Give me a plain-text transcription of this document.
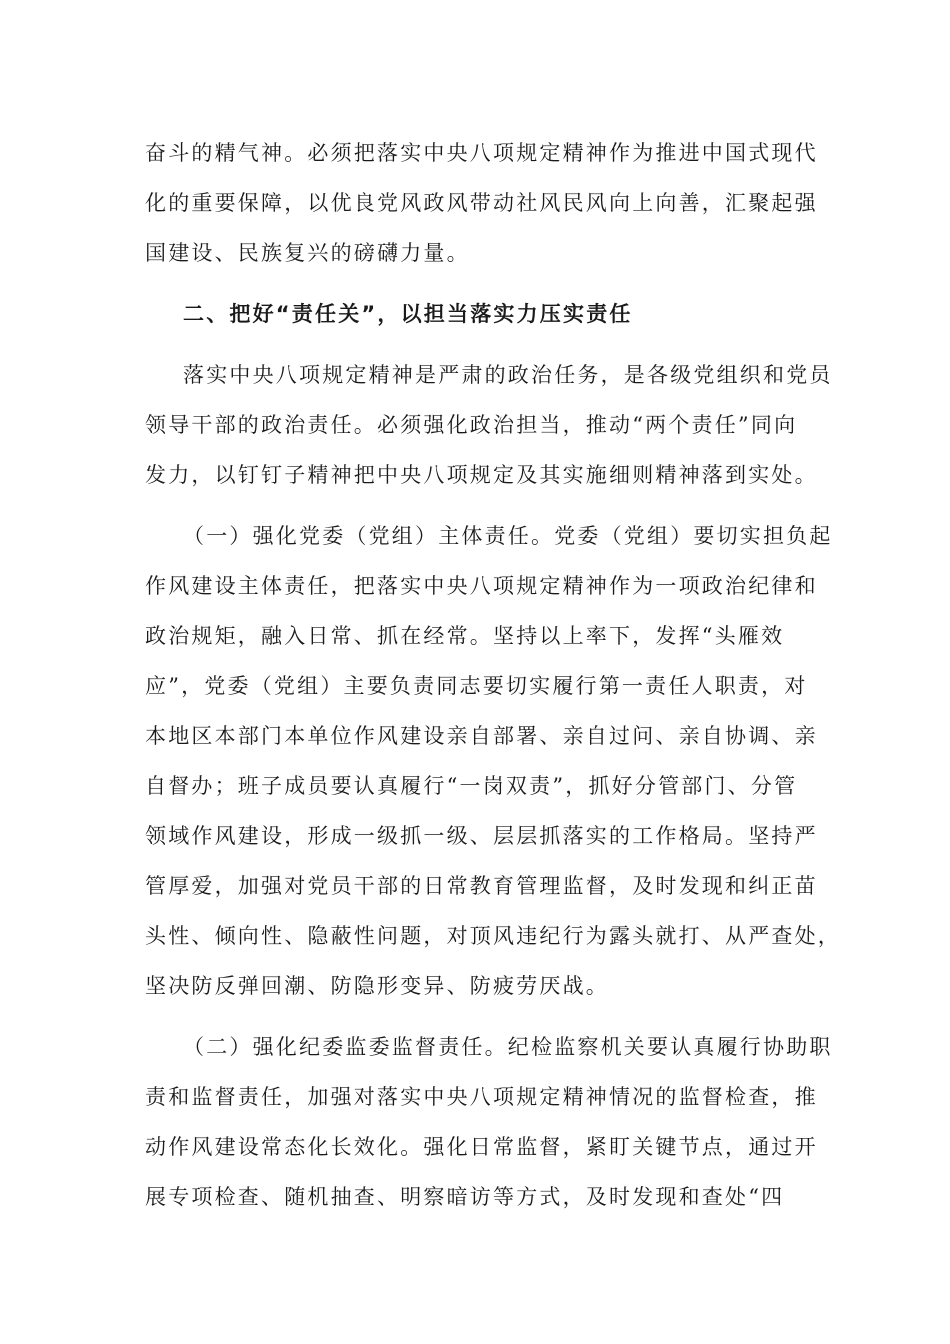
奋斗的精气神。必须把落实中央八项规定精神作为推进中国式现代
化的重要保障，以优良党风政风带动社风民风向上向善，汇聚起强
国建设、民族复兴的磅礴力量。
二、把好“责任关”，以担当落实力压实责任
落实中央八项规定精神是严肃的政治任务，是各级党组织和党员
领导干部的政治责任。必须强化政治担当，推动“两个责任”同向
发力，以钉钉子精神把中央八项规定及其实施细则精神落到实处。
（一）强化党委（党组）主体责任。党委（党组）要切实担负起
作风建设主体责任，把落实中央八项规定精神作为一项政治纪律和
政治规矩，融入日常、抓在经常。坚持以上率下，发挥“头雁效
应”，党委（党组）主要负责同志要切实履行第一责任人职责，对
本地区本部门本单位作风建设亲自部署、亲自过问、亲自协调、亲
自督办；班子成员要认真履行“一岗双责”，抓好分管部门、分管
领域作风建设，形成一级抓一级、层层抓落实的工作格局。坚持严
管厚爱，加强对党员干部的日常教育管理监督，及时发现和纠正苗
头性、倾向性、隐蔽性问题，对顶风违纪行为露头就打、从严查处，
坚决防反弹回潮、防隐形变异、防疲劳厌战。
（二）强化纪委监委监督责任。纪检监察机关要认真履行协助职
责和监督责任，加强对落实中央八项规定精神情况的监督检查，推
动作风建设常态化长效化。强化日常监督，紧盯关键节点，通过开
展专项检查、随机抽查、明察暗访等方式，及时发现和查处“四
